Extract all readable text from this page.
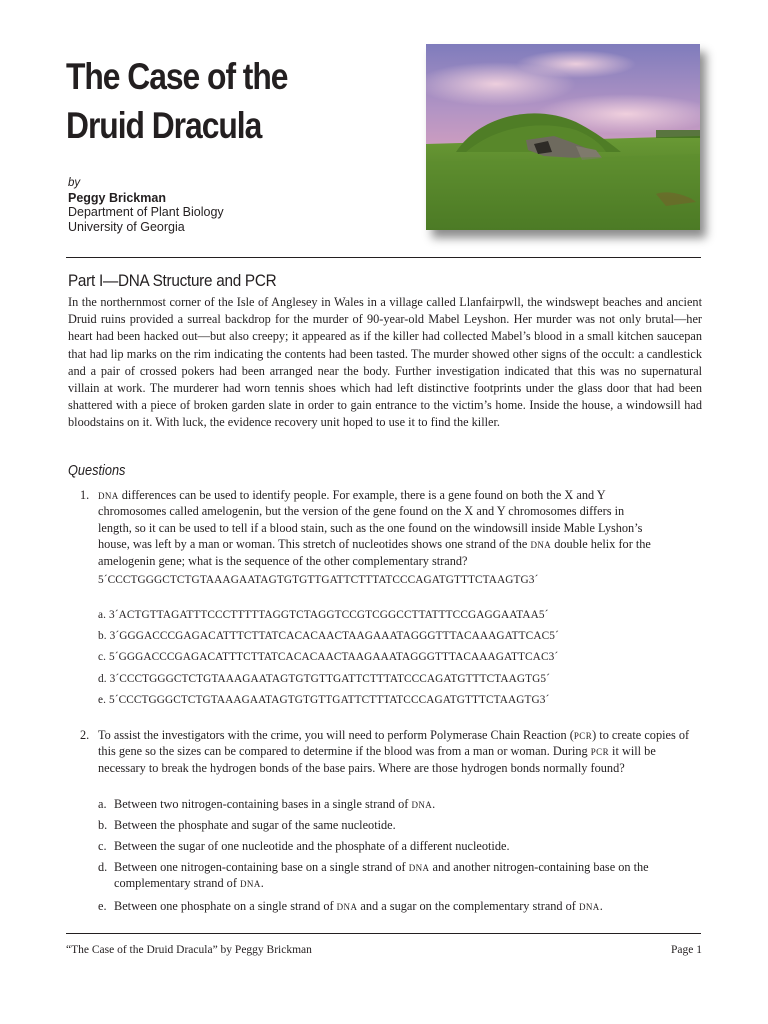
The Case of the
Druid Dracula
by
Peggy Brickman
Department of Plant Biology
University of Georgia
Part I—DNA Structure and PCR

In the northernmost corner of the Isle of Anglesey in Wales in a village called Llanfairpwll, the windswept beaches and ancient Druid ruins provided a surreal backdrop for the murder of 90-year-old Mabel Leyshon. Her murder was not only brutal—her heart had been hacked out—but also creepy; it appeared as if the killer had collected Mabel’s blood in a small kitchen saucepan that had lip marks on the rim indicating the contents had been tasted. The murder showed other signs of the occult: a candlestick and a pair of crossed pokers had been arranged near the body. Further investigation indicated that this was no supernatural villain at work. The murderer had worn tennis shoes which had left distinctive footprints under the glass door that had been shattered with a piece of broken garden slate in order to gain entrance to the victim’s home. Inside the house, a windowsill had bloodstains on it. With luck, the evidence recovery unit hoped to use it to find the killer.

Questions
1. dna differences can be used to identify people. For example, there is a gene found on both the X and Y chromosomes called amelogenin, but the version of the gene found on the X and Y chromosomes differs in length, so it can be used to tell if a blood stain, such as the one found on the windowsill inside Mable Lyshon’s house, was left by a man or woman. This stretch of nucleotides shows one strand of the dna double helix for the amelogenin gene; what is the sequence of the other complementary strand?

5´CCCTGGGCTCTGTAAAGAATAGTGTGTTGATTCTTTATCCCAGATGTTTCTAAGTG3´
a. 3´ACTGTTAGATTTCCCTTTTTAGGTCTAGGTCCGTCGGCCTTATTTCCGAGGAATAA5´
b. 3´GGGACCCGAGACATTTCTTATCACACAACTAAGAAATAGGGTTTACAAAGATTCAC5´
c. 5´GGGACCCGAGACATTTCTTATCACACAACTAAGAAATAGGGTTTACAAAGATTCAC3´
d. 3´CCCTGGGCTCTGTAAAGAATAGTGTGTTGATTCTTTATCCCAGATGTTTCTAAGTG5´
e. 5´CCCTGGGCTCTGTAAAGAATAGTGTGTTGATTCTTTATCCCAGATGTTTCTAAGTG3´
2. To assist the investigators with the crime, you will need to perform Polymerase Chain Reaction (pcr) to create copies of this gene so the sizes can be compared to determine if the blood was from a man or woman. During pcr it will be necessary to break the hydrogen bonds of the base pairs. Where are those hydrogen bonds normally found?

a. Between two nitrogen-containing bases in a single strand of dna.
b. Between the phosphate and sugar of the same nucleotide.
c. Between the sugar of one nucleotide and the phosphate of a different nucleotide.
d. Between one nitrogen-containing base on a single strand of dna and another nitrogen-containing base on the complementary strand of dna.
e. Between one phosphate on a single strand of dna and a sugar on the complementary strand of dna.
“The Case of the Druid Dracula” by Peggy Brickman	Page 1
